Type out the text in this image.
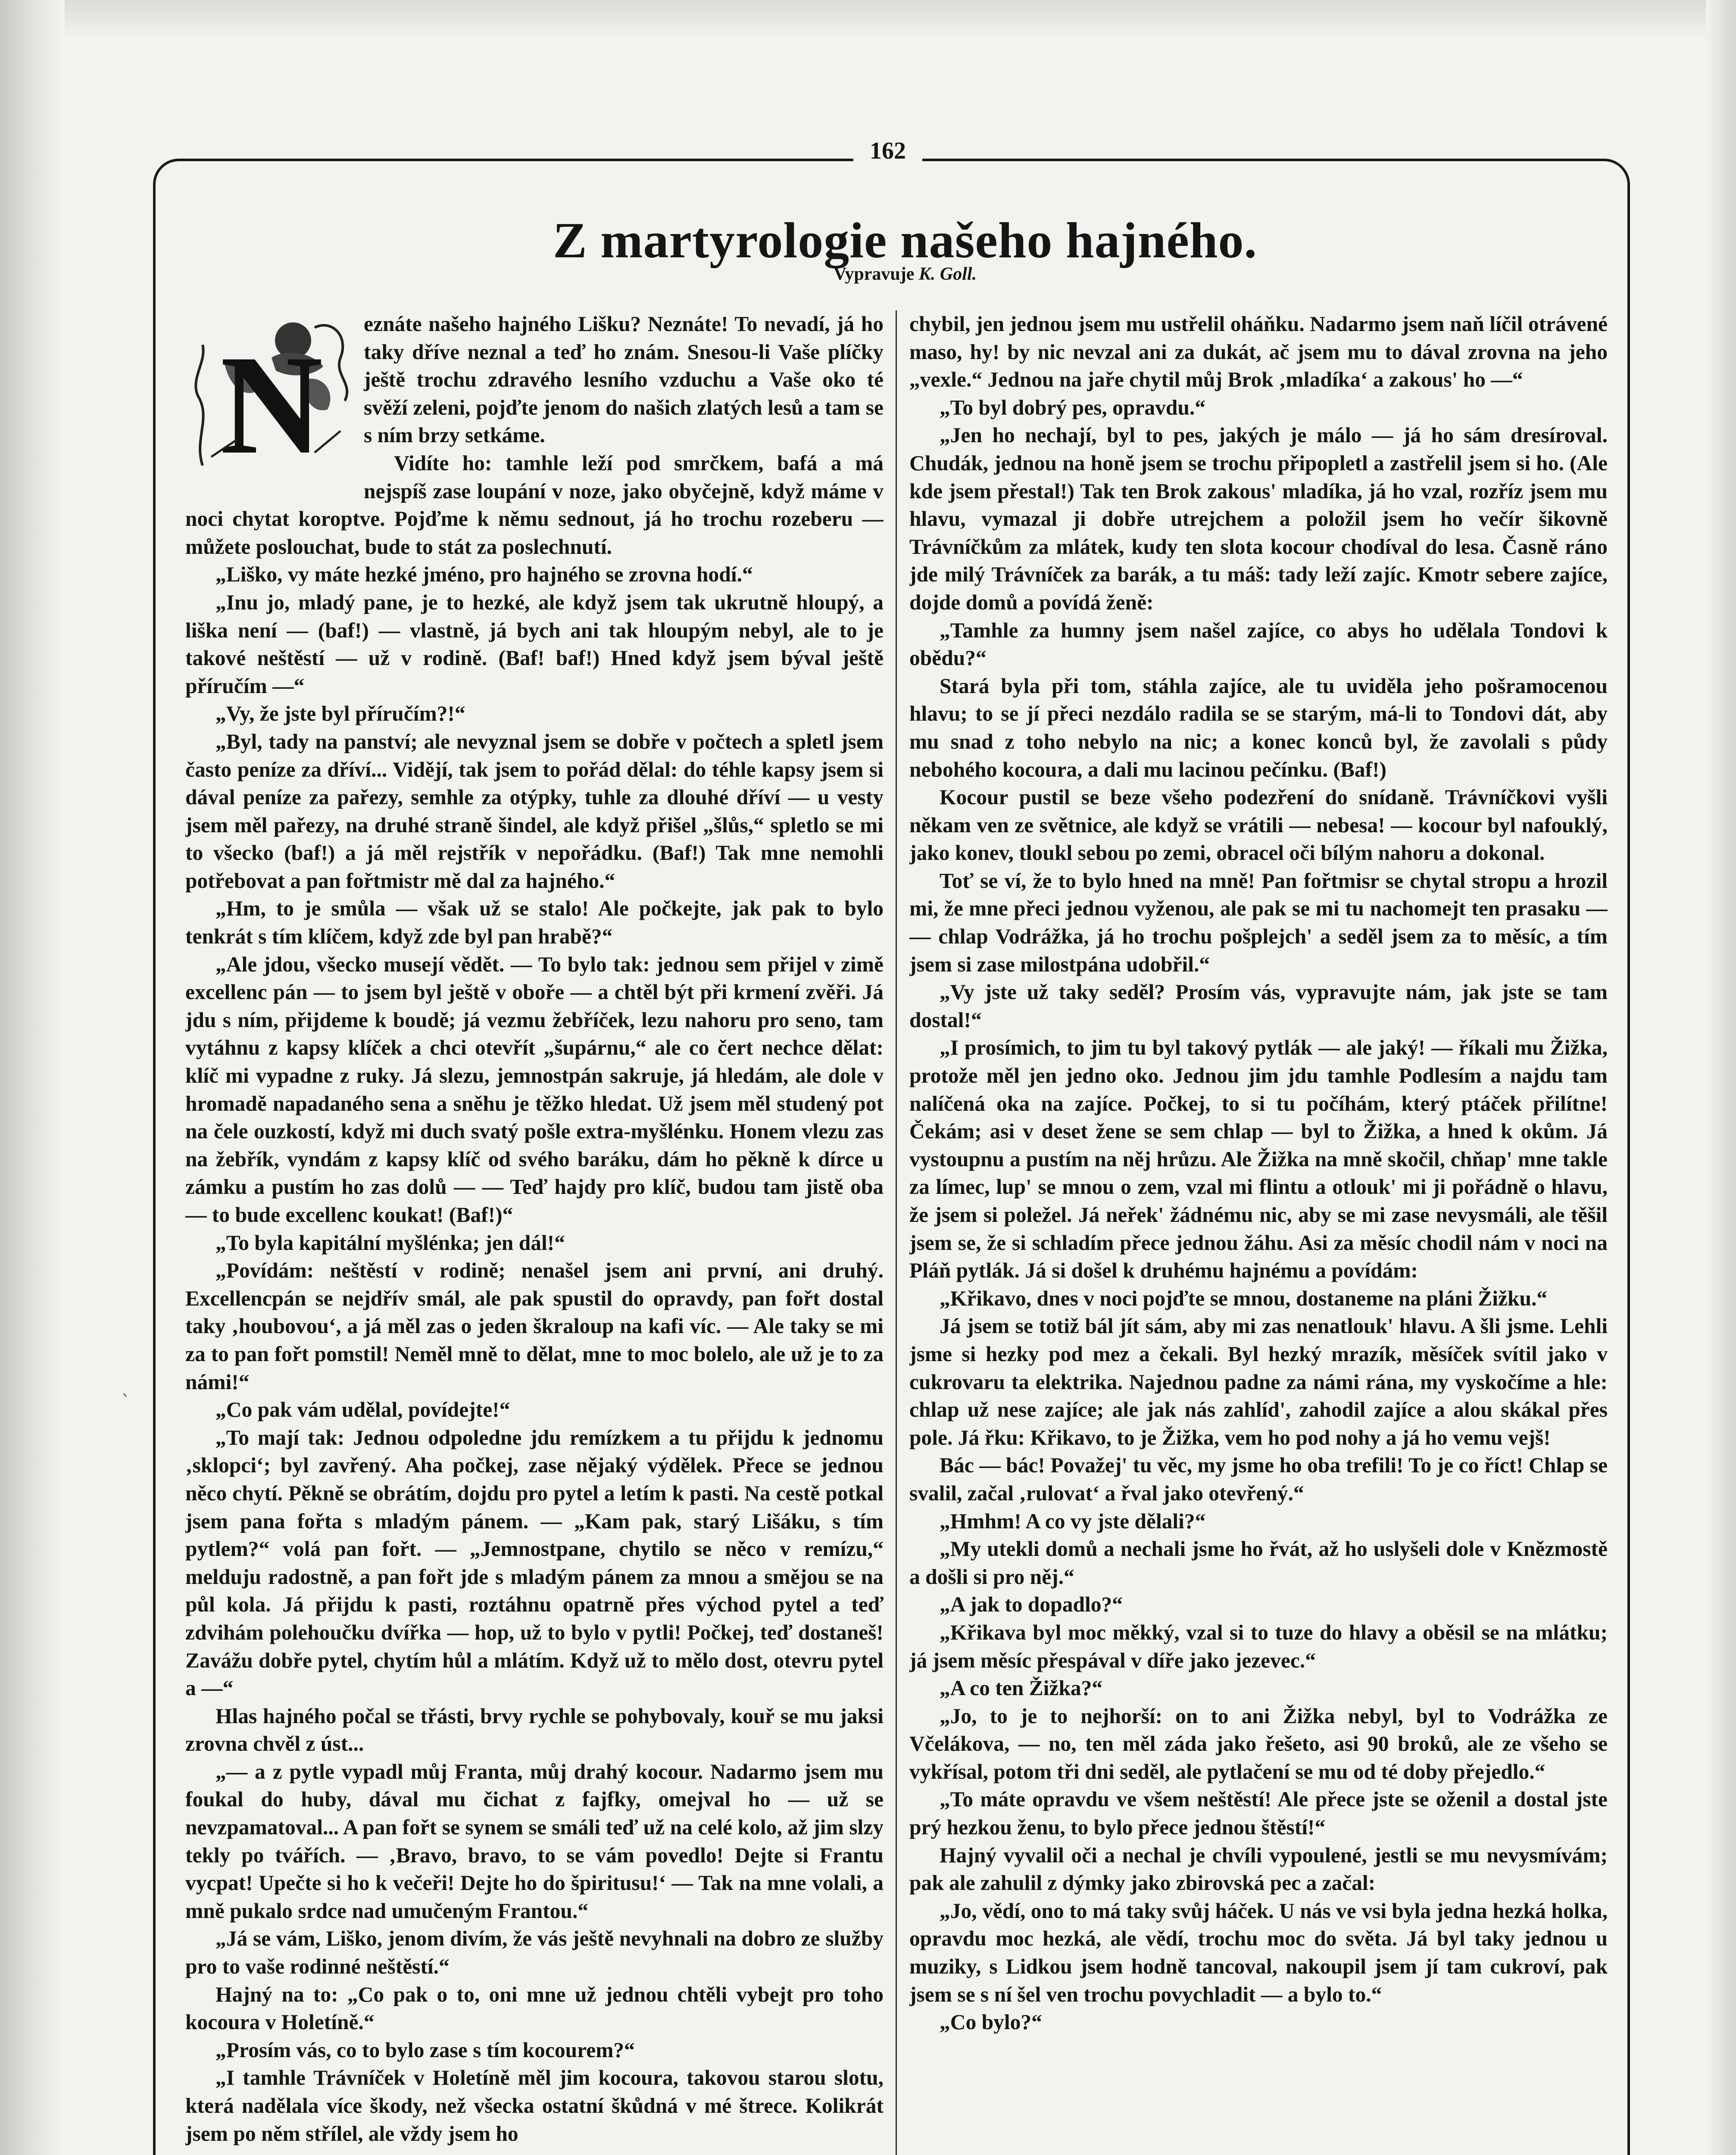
162
Z martyrologie našeho hajného.
Vypravuje K. Goll.
N

eznáte našeho hajného Lišku? Neznáte! To nevadí, já ho taky dříve neznal a teď ho znám. Snesou-li Vaše plíčky ještě trochu zdravého lesního vzduchu a Vaše oko té svěží zeleni, pojďte jenom do našich zlatých lesů a tam se s ním brzy setkáme.

Vidíte ho: tamhle leží pod smrčkem, bafá a má nejspíš zase loupání v noze, jako obyčejně, když máme v noci chytat koroptve. Pojďme k němu sednout, já ho trochu rozeberu — můžete poslouchat, bude to stát za poslechnutí.

„Liško, vy máte hezké jméno, pro hajného se zrovna hodí.“

„Inu jo, mladý pane, je to hezké, ale když jsem tak ukrutně hloupý, a liška není — (baf!) — vlastně, já bych ani tak hloupým nebyl, ale to je takové neštěstí — už v rodině. (Baf! baf!) Hned když jsem býval ještě příručím —“

„Vy, že jste byl příručím?!“

„Byl, tady na panství; ale nevyznal jsem se dobře v počtech a spletl jsem často peníze za dříví... Vidějí, tak jsem to pořád dělal: do téhle kapsy jsem si dával peníze za pařezy, semhle za otýpky, tuhle za dlouhé dříví — u vesty jsem měl pařezy, na druhé straně šindel, ale když přišel „šlůs,“ spletlo se mi to všecko (baf!) a já měl rejstřík v nepořádku. (Baf!) Tak mne nemohli potřebovat a pan fořtmistr mě dal za hajného.“

„Hm, to je smůla — však už se stalo! Ale počkejte, jak pak to bylo tenkrát s tím klíčem, když zde byl pan hrabě?“

„Ale jdou, všecko musejí vědět. — To bylo tak: jednou sem přijel v zimě excellenc pán — to jsem byl ještě v oboře — a chtěl být při krmení zvěři. Já jdu s ním, přijdeme k boudě; já vezmu žebříček, lezu nahoru pro seno, tam vytáhnu z kapsy klíček a chci otevřít „šupárnu,“ ale co čert nechce dělat: klíč mi vypadne z ruky. Já slezu, jemnostpán sakruje, já hledám, ale dole v hromadě napadaného sena a sněhu je těžko hledat. Už jsem měl studený pot na čele ouzkostí, když mi duch svatý pošle extra-myšlénku. Honem vlezu zas na žebřík, vyndám z kapsy klíč od svého baráku, dám ho pěkně k dírce u zámku a pustím ho zas dolů — — Teď hajdy pro klíč, budou tam jistě oba — to bude excellenc koukat! (Baf!)“

„To byla kapitální myšlénka; jen dál!“

„Povídám: neštěstí v rodině; nenašel jsem ani první, ani druhý. Excellencpán se nejdřív smál, ale pak spustil do opravdy, pan fořt dostal taky ‚houbovou‘, a já měl zas o jeden škraloup na kafi víc. — Ale taky se mi za to pan fořt pomstil! Neměl mně to dělat, mne to moc bolelo, ale už je to za námi!“

„Co pak vám udělal, povídejte!“

„To mají tak: Jednou odpoledne jdu remízkem a tu přijdu k jednomu ‚sklopci‘; byl zavřený. Aha počkej, zase nějaký výdělek. Přece se jednou něco chytí. Pěkně se obrátím, dojdu pro pytel a letím k pasti. Na cestě potkal jsem pana fořta s mladým pánem. — „Kam pak, starý Lišáku, s tím pytlem?“ volá pan fořt. — „Jemnostpane, chytilo se něco v remízu,“ melduju radostně, a pan fořt jde s mladým pánem za mnou a smějou se na půl kola. Já přijdu k pasti, roztáhnu opatrně přes východ pytel a teď zdvihám polehoučku dvířka — hop, už to bylo v pytli! Počkej, teď dostaneš! Zavážu dobře pytel, chytím hůl a mlátím. Když už to mělo dost, otevru pytel a —“

Hlas hajného počal se třásti, brvy rychle se pohybovaly, kouř se mu jaksi zrovna chvěl z úst...

„— a z pytle vypadl můj Franta, můj drahý kocour. Nadarmo jsem mu foukal do huby, dával mu čichat z fajfky, omejval ho — už se nevzpamatoval... A pan fořt se synem se smáli teď už na celé kolo, až jim slzy tekly po tvářích. — ‚Bravo, bravo, to se vám povedlo! Dejte si Frantu vycpat! Upečte si ho k večeři! Dejte ho do špiritusu!‘ — Tak na mne volali, a mně pukalo srdce nad umučeným Frantou.“

„Já se vám, Liško, jenom divím, že vás ještě nevyhnali na dobro ze služby pro to vaše rodinné neštěstí.“

Hajný na to: „Co pak o to, oni mne už jednou chtěli vybejt pro toho kocoura v Holetíně.“

„Prosím vás, co to bylo zase s tím kocourem?“

„I tamhle Trávníček v Holetíně měl jim kocoura, takovou starou slotu, která nadělala více škody, než všecka ostatní škůdná v mé štrece. Kolikrát jsem po něm střílel, ale vždy jsem ho

chybil, jen jednou jsem mu ustřelil oháňku. Nadarmo jsem naň líčil otrávené maso, hy! by nic nevzal ani za dukát, ač jsem mu to dával zrovna na jeho „vexle.“ Jednou na jaře chytil můj Brok ‚mladíka‘ a zakous' ho —“

„To byl dobrý pes, opravdu.“

„Jen ho nechají, byl to pes, jakých je málo — já ho sám dresíroval. Chudák, jednou na honě jsem se trochu připopletl a zastřelil jsem si ho. (Ale kde jsem přestal!) Tak ten Brok zakous' mladíka, já ho vzal, rozříz jsem mu hlavu, vymazal ji dobře utrejchem a položil jsem ho večír šikovně Trávníčkům za mlátek, kudy ten slota kocour chodíval do lesa. Časně ráno jde milý Trávníček za barák, a tu máš: tady leží zajíc. Kmotr sebere zajíce, dojde domů a povídá ženě:

„Tamhle za humny jsem našel zajíce, co abys ho udělala Tondovi k obědu?“

Stará byla při tom, stáhla zajíce, ale tu uviděla jeho pošramocenou hlavu; to se jí přeci nezdálo radila se se starým, má-li to Tondovi dát, aby mu snad z toho nebylo na nic; a konec konců byl, že zavolali s půdy nebohého kocoura, a dali mu lacinou pečínku. (Baf!)

Kocour pustil se beze všeho podezření do snídaně. Trávníčkovi vyšli někam ven ze světnice, ale když se vrátili — nebesa! — kocour byl nafouklý, jako konev, tloukl sebou po zemi, obracel oči bílým nahoru a dokonal.

Toť se ví, že to bylo hned na mně! Pan fořtmisr se chytal stropu a hrozil mi, že mne přeci jednou vyženou, ale pak se mi tu nachomejt ten prasaku — — chlap Vodrážka, já ho trochu pošplejch' a seděl jsem za to měsíc, a tím jsem si zase milostpána udobřil.“

„Vy jste už taky seděl? Prosím vás, vypravujte nám, jak jste se tam dostal!“

„I prosímich, to jim tu byl takový pytlák — ale jaký! — říkali mu Žižka, protože měl jen jedno oko. Jednou jim jdu tamhle Podlesím a najdu tam nalíčená oka na zajíce. Počkej, to si tu počíhám, který ptáček přilítne! Čekám; asi v deset žene se sem chlap — byl to Žižka, a hned k okům. Já vystoupnu a pustím na něj hrůzu. Ale Žižka na mně skočil, chňap' mne takle za límec, lup' se mnou o zem, vzal mi flintu a otlouk' mi ji pořádně o hlavu, že jsem si poležel. Já neřek' žádnému nic, aby se mi zase nevysmáli, ale těšil jsem se, že si schladím přece jednou žáhu. Asi za měsíc chodil nám v noci na Pláň pytlák. Já si došel k druhému hajnému a povídám:

„Křikavo, dnes v noci pojďte se mnou, dostaneme na pláni Žižku.“

Já jsem se totiž bál jít sám, aby mi zas nenatlouk' hlavu. A šli jsme. Lehli jsme si hezky pod mez a čekali. Byl hezký mrazík, měsíček svítil jako v cukrovaru ta elektrika. Najednou padne za námi rána, my vyskočíme a hle: chlap už nese zajíce; ale jak nás zahlíd', zahodil zajíce a alou skákal přes pole. Já řku: Křikavo, to je Žižka, vem ho pod nohy a já ho vemu vejš!

Bác — bác! Považej' tu věc, my jsme ho oba trefili! To je co říct! Chlap se svalil, začal ‚rulovat‘ a řval jako otevřený.“

„Hmhm! A co vy jste dělali?“

„My utekli domů a nechali jsme ho řvát, až ho uslyšeli dole v Knězmostě a došli si pro něj.“

„A jak to dopadlo?“

„Křikava byl moc měkký, vzal si to tuze do hlavy a oběsil se na mlátku; já jsem měsíc přespával v díře jako jezevec.“

„A co ten Žižka?“

„Jo, to je to nejhorší: on to ani Žižka nebyl, byl to Vodrážka ze Včelákova, — no, ten měl záda jako řešeto, asi 90 broků, ale ze všeho se vykřísal, potom tři dni seděl, ale pytlačení se mu od té doby přejedlo.“

„To máte opravdu ve všem neštěstí! Ale přece jste se oženil a dostal jste prý hezkou ženu, to bylo přece jednou štěstí!“

Hajný vyvalil oči a nechal je chvíli vypoulené, jestli se mu nevysmívám; pak ale zahulil z dýmky jako zbirovská pec a začal:

„Jo, vědí, ono to má taky svůj háček. U nás ve vsi byla jedna hezká holka, opravdu moc hezká, ale vědí, trochu moc do světa. Já byl taky jednou u muziky, s Lidkou jsem hodně tancoval, nakoupil jsem jí tam cukroví, pak jsem se s ní šel ven trochu povychladit — a bylo to.“

„Co bylo?“

ˋ
